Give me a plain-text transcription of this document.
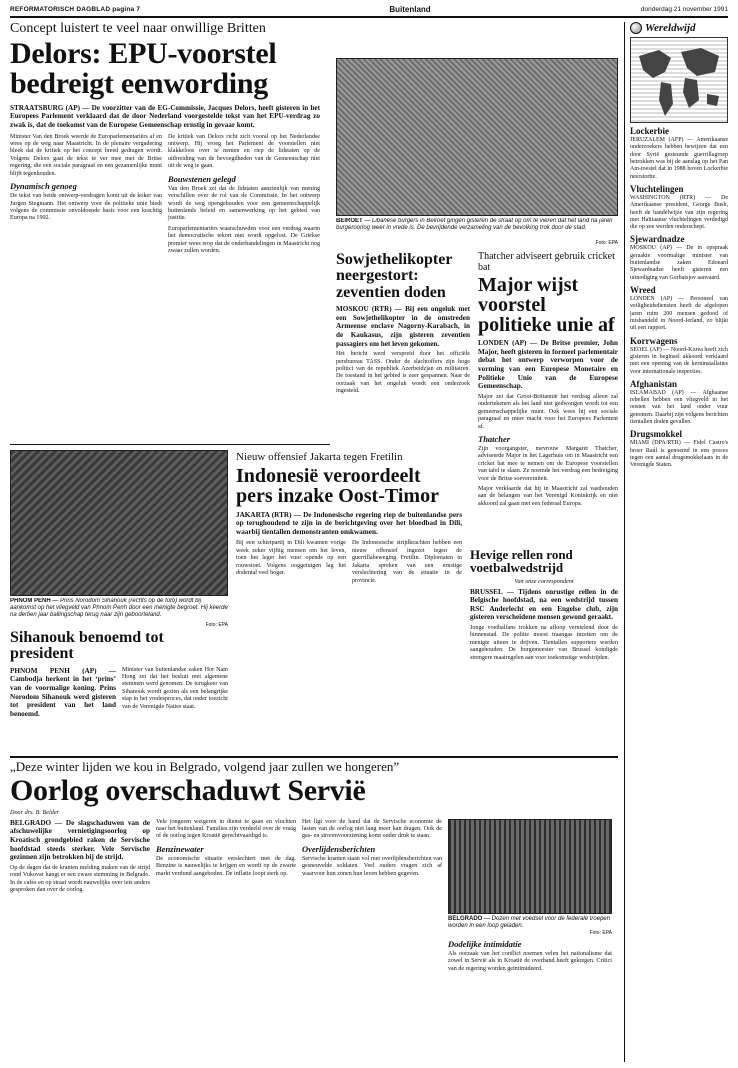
REFORMATORISCH DAGBLAD pagina 7	Buitenland	donderdag 21 november 1991
Concept luistert te veel naar onwillige Britten
Delors: EPU-voorstel bedreigt eenwording
STRAATSBURG (AP) — De voorzitter van de EG-Commissie, Jacques Delors, heeft gisteren in het Europees Parlement verklaard dat de door Nederland voorgestelde tekst van het EPU-verdrag zo zwak is, dat de toekomst van de Europese Gemeenschap ernstig in gevaar komt.
Minister Van den Broek weerde de Europarlementariërs af en wees op de weg naar Maastricht. In de plenaire vergadering bleek dat de kritiek op het concept breed gedragen wordt. Volgens Delors gaat de tekst te ver mee met de Britse regering, die een sociale paragraaf en een gezamenlijke munt blijft tegenhouden.
Dynamisch genoeg
De tekst van beide ontwerp-verdragen komt uit de koker van Jurgen Stegmann. Het ontwerp voor de politieke unie biedt volgens de commissie onvoldoende basis voor een krachtig Europa na 1992.
De kritiek van Delors richt zich vooral op het Nederlandse ontwerp. Hij vroeg het Parlement de voorstellen niet klakkeloos over te nemen en riep de lidstaten op de uitbreiding van de bevoegdheden van de Gemeenschap niet uit de weg te gaan.
Bouwstenen gelegd
Van den Broek zei dat de lidstaten aanzienlijk van mening verschillen over de rol van de Commissie. In het ontwerp wordt de weg opengehouden voor een gemeenschappelijk buitenlands beleid en samenwerking op het gebied van justitie.
Europarlementariërs waarschuwden voor een verdrag waarin het democratische tekort niet wordt opgelost. De Griekse premier wees erop dat de onderhandelingen in Maastricht nog zwaar zullen worden.
BEIROET — Libanese burgers in Beiroet gingen gisteren de straat op om te vieren dat het land na jaren burgeroorlog weer in vrede is. De bevrijdende verzameling van de bevolking trok door de stad.
Foto: EPA
Sowjethelikopter neergestort: zeventien doden
MOSKOU (RTR) — Bij een ongeluk met een Sowjethelikopter in de omstreden Armeense enclave Nagorny-Karabach, in de Kaukasus, zijn gisteren zeventien passagiers om het leven gekomen.
Het bericht werd verspreid door het officiële persbureau TASS. Onder de slachtoffers zijn hoge politici van de republiek Azerbeidzjan en militairen. De toestand in het gebied is zeer gespannen. Naar de oorzaak van het ongeluk wordt een onderzoek ingesteld.
Thatcher adviseert gebruik cricket bat
Major wijst voorstel politieke unie af
LONDEN (AP) — De Britse premier, John Major, heeft gisteren in formeel parlementair debat het ontwerp verworpen voor de vorming van een Europese Monetaire en Politieke Unie van de Europese Gemeenschap.
Major zei dat Groot-Brittannië het verdrag alleen zal ondertekenen als het land niet gedwongen wordt tot een gemeenschappelijke munt. Ook wees hij een sociale paragraaf en meer macht voor het Europees Parlement af.
Thatcher
Zijn voorgangster, mevrouw Margaret Thatcher, adviseerde Major in het Lagerhuis om in Maastricht een cricket bat mee te nemen om de Europese voorstellen van tafel te slaan. Ze noemde het verdrag een bedreiging voor de Britse soevereiniteit.
Major verklaarde dat hij in Maastricht zal vasthouden aan de belangen van het Verenigd Koninkrijk en niet akkoord zal gaan met een federaal Europa.
PHNOM PENH — Prins Norodom Sihanouk (rechts op de foto) wordt bij aankomst op het vliegveld van Phnom Penh door een menigte begroet. Hij keerde na dertien jaar ballingschap terug naar zijn geboorteland.
Foto: EPA
Sihanouk benoemd tot president
PHNOM PENH (AP) — Cambodja herkent in het ‘prins’ van de voormalige koning. Prins Norodom Sihanouk werd gisteren tot president van het land benoemd.
Minister van buitenlandse zaken Hor Nam Hong zei dat het besluit met algemene stemmen werd genomen. De terugkeer van Sihanouk wordt gezien als een belangrijke stap in het vredesproces, dat onder toezicht van de Verenigde Naties staat.
Nieuw offensief Jakarta tegen Fretilin
Indonesië veroordeelt pers inzake Oost-Timor
JAKARTA (RTR) — De Indonesische regering riep de buitenlandse pers op terughoudend te zijn in de berichtgeving over het bloedbad in Dili, waarbij tientallen demonstranten omkwamen.
Bij een schietpartij in Dili kwamen vorige week zeker vijftig mensen om het leven, toen het leger het vuur opende op een rouwstoet. Volgens ooggetuigen lag het dodental veel hoger.
De Indonesische strijdkrachten hebben een nieuw offensief ingezet tegen de guerrillabeweging Fretilin. Diplomaten in Jakarta spreken van een ernstige verslechtering van de situatie in de provincie.
Hevige rellen rond voetbalwedstrijd
Van onze correspondent
BRUSSEL — Tijdens onrustige rellen in de Belgische hoofdstad, na een wedstrijd tussen RSC Anderlecht en een Engelse club, zijn gisteren verscheidene mensen gewond geraakt.
Jonge voetbalfans trokken na afloop vernielend door de binnenstad. De politie moest traangas inzetten om de menigte uiteen te drijven. Tientallen supporters werden aangehouden. De burgemeester van Brussel kondigde strengere maatregelen aan voor toekomstige wedstrijden.
„Deze winter lijden we kou in Belgrado, volgend jaar zullen we hongeren”
Oorlog overschaduwt Servië
Door drs. B. Belder
BELGRADO — De slagschaduwen van de afschuwelijke vernietigingsoorlog op Kroatisch grondgebied raken de Servische hoofdstad steeds sterker. Vele Servische gezinnen zijn betrokken bij de strijd.
Op de dagen dat de kranten melding maken van de strijd rond Vukovar hangt er een zware stemming in Belgrado. In de cafés en op straat wordt nauwelijks over iets anders gesproken dan over de oorlog.
Vele jongeren weigeren in dienst te gaan en vluchten naar het buitenland. Families zijn verdeeld over de vraag of de oorlog tegen Kroatië gerechtvaardigd is.
Benzinewater
De economische situatie verslechtert met de dag. Benzine is nauwelijks te krijgen en wordt op de zwarte markt verdund aangeboden. De inflatie loopt sterk op.
Het ligt voor de hand dat de Servische economie de lasten van de oorlog niet lang meer kan dragen. Ook de gas- en stroomvoorziening komt onder druk te staan.
Overlijdensberichten
Servische kranten staan vol met overlijdensberichten van gesneuvelde soldaten. Veel ouders vragen zich af waarvoor hun zonen hun leven hebben gegeven.
BELGRADO — Dozen met voedsel voor de federale troepen worden in een loop geladen.
Foto: EPA
Dodelijke intimidatie
Als oorzaak van het conflict noemen velen het nationalisme dat zowel in Servië als in Kroatië de overhand heeft gekregen. Critici van de regering worden geïntimideerd.
Wereldwijd
Lockerbie
JERUZALEM (AFP) — Amerikaanse onderzoekers hebben bewijzen dat een door Syrië gesteunde guerrillagroep betrokken was bij de aanslag op het Pan Am-toestel dat in 1988 boven Lockerbie neerstortte.
Vluchtelingen
WASHINGTON (RTR) — De Amerikaanse president, George Bush, heeft de handelwijze van zijn regering met Haïtiaanse vluchtelingen verdedigd die op zee werden onderschept.
Sjewardnadze
MOSKOU (AP) — De in opspraak geraakte voormalige minister van buitenlandse zaken Edoeard Sjewardnadze heeft gisteren een uitnodiging van Gorbatsjov aanvaard.
Wreed
LONDEN (AP) — Personeel van veiligheidsdiensten heeft de afgelopen jaren ruim 200 mensen gedood of mishandeld in Noord-Ierland, zo blijkt uit een rapport.
Korrwagens
SEOEL (AP) — Noord-Korea heeft zich gisteren in beginsel akkoord verklaard met een opening van de kerninstallaties voor internationale inspecties.
Afghanistan
ISLAMABAD (AP) — Afghaanse rebellen hebben een vliegveld in het oosten van het land onder vuur genomen. Daarbij zijn volgens berichten tientallen doden gevallen.
Drugsmokkel
MIAMI (DPA/RTR) — Fidel Castro's broer Raúl is genoemd in een proces tegen een aantal drugsmokkelaars in de Verenigde Staten.
